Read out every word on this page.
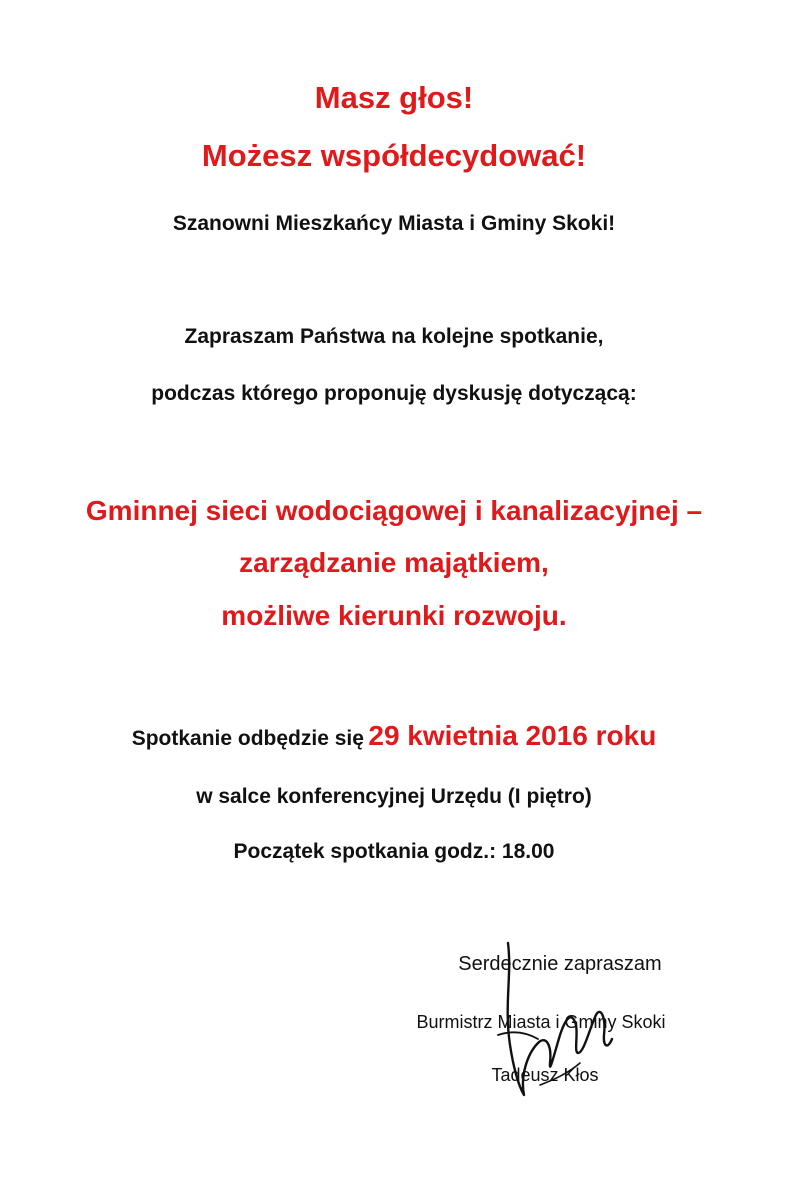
Masz głos!
Możesz współdecydować!
Szanowni Mieszkańcy Miasta i Gminy Skoki!
Zapraszam Państwa na kolejne spotkanie,
podczas którego proponuję dyskusję dotyczącą:
Gminnej sieci wodociągowej i kanalizacyjnej –
zarządzanie majątkiem,
możliwe kierunki rozwoju.
Spotkanie odbędzie się 29 kwietnia 2016 roku
w salce konferencyjnej Urzędu (I piętro)
Początek spotkania godz.: 18.00
Serdecznie zapraszam
Burmistrz Miasta i Gminy Skoki
Tadeusz Kłos
